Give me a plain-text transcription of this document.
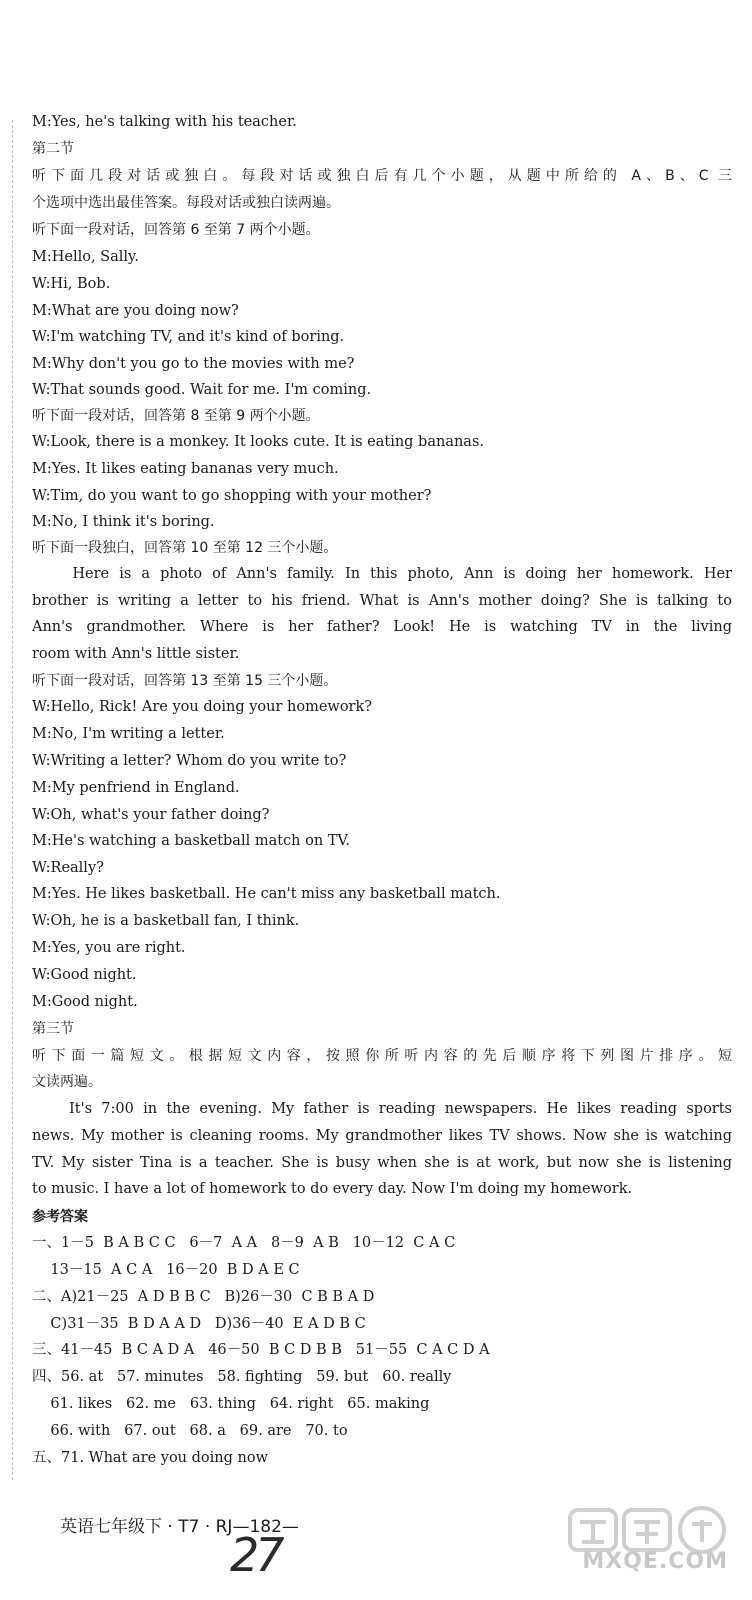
M:Yes, he's talking with his teacher.
第二节
听下面几段对话或独白。每段对话或独白后有几个小题，从题中所给的 A、B、C 三
个选项中选出最佳答案。每段对话或独白读两遍。
听下面一段对话，回答第 6 至第 7 两个小题。
M:Hello, Sally.
W:Hi, Bob.
M:What are you doing now?
W:I'm watching TV, and it's kind of boring.
M:Why don't you go to the movies with me?
W:That sounds good. Wait for me. I'm coming.
听下面一段对话，回答第 8 至第 9 两个小题。
W:Look, there is a monkey. It looks cute. It is eating bananas.
M:Yes. It likes eating bananas very much.
W:Tim, do you want to go shopping with your mother?
M:No, I think it's boring.
听下面一段独白，回答第 10 至第 12 三个小题。
Here is a photo of Ann's family. In this photo, Ann is doing her homework. Her
brother is writing a letter to his friend. What is Ann's mother doing? She is talking to
Ann's grandmother. Where is her father? Look! He is watching TV in the living
room with Ann's little sister.
听下面一段对话，回答第 13 至第 15 三个小题。
W:Hello, Rick! Are you doing your homework?
M:No, I'm writing a letter.
W:Writing a letter? Whom do you write to?
M:My penfriend in England.
W:Oh, what's your father doing?
M:He's watching a basketball match on TV.
W:Really?
M:Yes. He likes basketball. He can't miss any basketball match.
W:Oh, he is a basketball fan, I think.
M:Yes, you are right.
W:Good night.
M:Good night.
第三节
听下面一篇短文。根据短文内容，按照你所听内容的先后顺序将下列图片排序。短
文读两遍。
It's 7:00 in the evening. My father is reading newspapers. He likes reading sports
news. My mother is cleaning rooms. My grandmother likes TV shows. Now she is watching
TV. My sister Tina is a teacher. She is busy when she is at work, but now she is listening
to music. I have a lot of homework to do every day. Now I'm doing my homework.
参考答案
一、1－5  B A B C C   6－7  A A   8－9  A B   10－12  C A C
13－15  A C A   16－20  B D A E C
二、A)21－25  A D B B C   B)26－30  C B B A D
C)31－35  B D A A D   D)36－40  E A D B C
三、41－45  B C A D A   46－50  B C D B B   51－55  C A C D A
四、56. at   57. minutes   58. fighting   59. but   60. really
61. likes   62. me   63. thing   64. right   65. making
66. with   67. out   68. a   69. are   70. to
五、71. What are you doing now
英语七年级下 · T7 · RJ—182—
27	MXQE.COM
